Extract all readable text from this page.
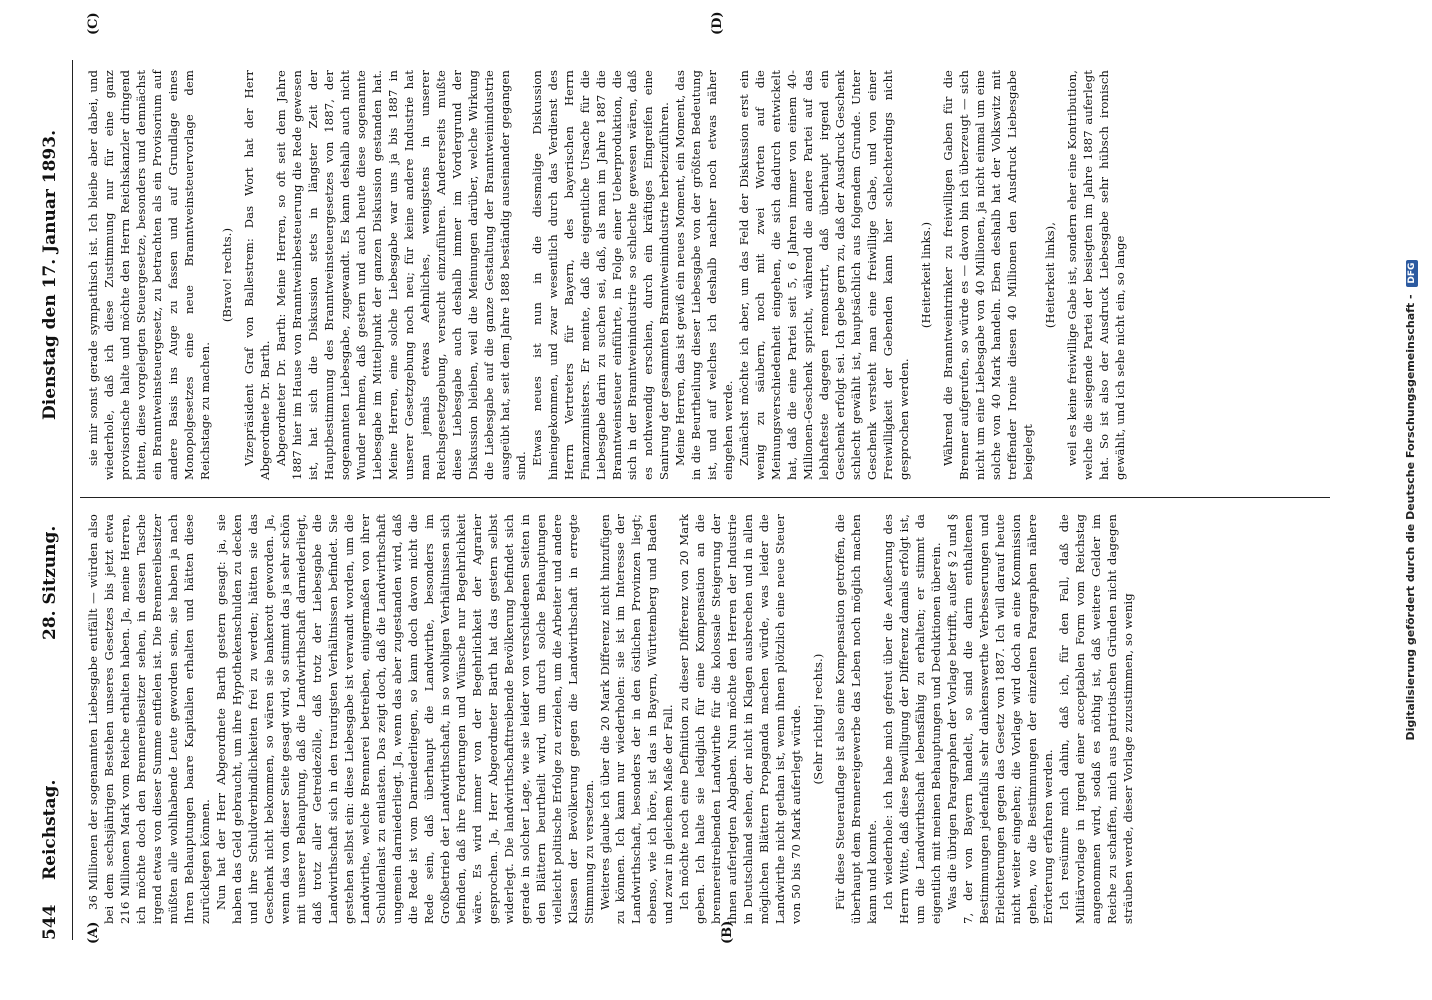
544
Reichstag.
28. Sitzung.
Dienstag den 17. Januar 1893.
(A)	(B)
(C)	(D)

36 Millionen der sogenannten Liebesgabe entfällt — würden also bei dem sechsjährigen Bestehen unseres Gesetzes bis jetzt etwa 216 Millionen Mark vom Reiche erhalten haben. Ja, meine Herren, ich möchte doch den Brennereibesitzer sehen, in dessen Tasche irgend etwas von dieser Summe entfielen ist. Die Brennereibesitzer müßten alle wohlhabende Leute geworden sein, sie haben ja nach Ihren Behauptungen baare Kapitalien erhalten und hätten diese zurücklegen können. Nun hat der Herr Abgeordnete Barth gestern gesagt: ja, sie haben das Geld gebraucht, um ihre Hypothekenschulden zu decken und ihre Schuldverbindlichkeiten frei zu werden; hätten sie das Geschenk nicht bekommen, so wären sie bankerott geworden. Ja, wenn das von dieser Seite gesagt wird, so stimmt das ja sehr schön mit unserer Behauptung, daß die Landwirthschaft darniederliegt, daß trotz aller Getreidezölle, daß trotz der Liebesgabe die Landwirthschaft sich in den traurigsten Verhältnissen befindet. Sie gestehen selbst ein: diese Liebesgabe ist verwandt worden, um die Landwirthe, welche Brennerei betreiben, einigermaßen von ihrer Schuldenlast zu entlasten. Das zeigt doch, daß die Landwirthschaft ungemein darniederliegt. Ja, wenn das aber zugestanden wird, daß die Rede ist vom Darniederliegen, so kann doch davon nicht die Rede sein, daß überhaupt die Landwirthe, besonders im Großbetrieb der Landwirthschaft, in so wohligen Verhältnissen sich befinden, daß ihre Forderungen und Wünsche nur Begehrlichkeit wäre. Es wird immer von der Begehrlichkeit der Agrarier gesprochen. Ja, Herr Abgeordneter Barth hat das gestern selbst widerlegt. Die landwirthschafttreibende Bevölkerung befindet sich gerade in solcher Lage, wie sie leider von verschiedenen Seiten in den Blättern beurtheilt wird, um durch solche Behauptungen vielleicht politische Erfolge zu erzielen, um die Arbeiter und andere Klassen der Bevölkerung gegen die Landwirthschaft in erregte Stimmung zu versetzen. Weiteres glaube ich über die 20 Mark Differenz nicht hinzufügen zu können. Ich kann nur wiederholen: sie ist im Interesse der Landwirthschaft, besonders der in den östlichen Provinzen liegt; ebenso, wie ich höre, ist das in Bayern, Württemberg und Baden und zwar in gleichem Maße der Fall. Ich möchte noch eine Definition zu dieser Differenz von 20 Mark geben. Ich halte sie lediglich für eine Kompensation an die brennereitreibenden Landwirthe für die kolossale Steigerung der ihnen auferlegten Abgaben. Nun möchte den Herren der Industrie in Deutschland sehen, der nicht in Klagen ausbrechen und in allen möglichen Blättern Propaganda machen würde, was leider die Landwirthe nicht gethan ist, wenn ihnen plötzlich eine neue Steuer von 50 bis 70 Mark auferlegt würde. (Sehr richtig! rechts.) Für diese Steuerauflage ist also eine Kompensation getroffen, die überhaupt dem Brennereigewerbe das Leben noch möglich machen kann und konnte. Ich wiederhole: ich habe mich gefreut über die Aeußerung des Herrn Witte, daß diese Bewilligung der Differenz damals erfolgt ist, um die Landwirthschaft lebensfähig zu erhalten; er stimmt da eigentlich mit meinen Behauptungen und Deduktionen überein. Was die übrigen Paragraphen der Vorlage betrifft, außer § 2 und § 7, der von Bayern handelt, so sind die darin enthaltenen Bestimmungen jedenfalls sehr dankenswerthe Verbesserungen und Erleichterungen gegen das Gesetz von 1887. Ich will darauf heute nicht weiter eingehen; die Vorlage wird doch an eine Kommission gehen, wo die Bestimmungen der einzelnen Paragraphen nähere Erörterung erfahren werden. Ich resümire mich dahin, daß ich, für den Fall, daß die Militärvorlage in irgend einer acceptablen Form vom Reichstag angenommen wird, sodaß es nöthig ist, daß weitere Gelder im Reiche zu schaffen, mich aus patriotischen Gründen nicht dagegen sträuben werde, dieser Vorlage zuzustimmen, so wenig

sie mir sonst gerade sympathisch ist. Ich bleibe aber dabei, und wiederhole, daß ich diese Zustimmung nur für eine ganz provisorische halte und möchte den Herrn Reichskanzler dringend bitten, diese vorgelegten Steuergesetze, besonders und demnächst ein Branntweinsteuergesetz, zu betrachten als ein Provisorium auf andere Basis ins Auge zu fassen und auf Grundlage eines Monopolgesetzes eine neue Branntweinsteuervorlage dem Reichstage zu machen.

(Bravo! rechts.) Vizepräsident Graf von Ballestrem: Das Wort hat der Herr Abgeordnete Dr. Barth. Abgeordneter Dr. Barth: Meine Herren, so oft seit dem Jahre 1887 hier im Hause von Branntweinbesteuerung die Rede gewesen ist, hat sich die Diskussion stets in längster Zeit der Hauptbestimmung des Branntweinsteuergesetzes von 1887, der sogenannten Liebesgabe, zugewandt. Es kann deshalb auch nicht Wunder nehmen, daß gestern und auch heute diese sogenannte Liebesgabe im Mittelpunkt der ganzen Diskussion gestanden hat. Meine Herren, eine solche Liebesgabe war uns ja bis 1887 in unserer Gesetzgebung noch neu; für keine andere Industrie hat man jemals etwas Aehnliches, wenigstens in unserer Reichsgesetzgebung, versucht einzuführen. Andererseits mußte diese Liebesgabe auch deshalb immer im Vordergrund der Diskussion bleiben, weil die Meinungen darüber, welche Wirkung die Liebesgabe auf die ganze Gestaltung der Branntweinindustrie ausgeübt hat, seit dem Jahre 1888 beständig auseinander gegangen sind. Etwas neues ist nun in die diesmalige Diskussion hineingekommen, und zwar wesentlich durch das Verdienst des Herrn Vertreters für Bayern, des bayerischen Herrn Finanzministers. Er meinte, daß die eigentliche Ursache für die Liebesgabe darin zu suchen sei, daß, als man im Jahre 1887 die Branntweinsteuer einführte, in Folge einer Ueberproduktion, die sich in der Branntweinindustrie so schlechte gewesen wären, daß es nothwendig erschien, durch ein kräftiges Eingreifen eine Sanirung der gesammten Branntweinindustrie herbeizuführen. Meine Herren, das ist gewiß ein neues Moment, ein Moment, das in die Beurtheilung dieser Liebesgabe von der größten Bedeutung ist, und auf welches ich deshalb nachher noch etwas näher eingehen werde. Zunächst möchte ich aber, um das Feld der Diskussion erst ein wenig zu säubern, noch mit zwei Worten auf die Meinungsverschiedenheit eingehen, die sich dadurch entwickelt hat, daß die eine Partei seit 5, 6 Jahren immer von einem 40-Millionen-Geschenk spricht, während die andere Partei auf das lebhafteste dagegen remonstrirt, daß überhaupt irgend ein Geschenk erfolgt sei. Ich gebe gern zu, daß der Ausdruck Geschenk schlecht gewählt ist, hauptsächlich aus folgendem Grunde. Unter Geschenk versteht man eine freiwillige Gabe, und von einer Freiwilligkeit der Gebenden kann hier schlechterdings nicht gesprochen werden.

(Heiterkeit links.) Während die Branntweintrinker zu freiwilligen Gaben für die Brenner aufgerufen, so würde es — davon bin ich überzeugt — sich nicht um eine Liebesgabe von 40 Millionen, ja nicht einmal um eine solche von 40 Mark handeln. Eben deshalb hat der Volkswitz mit treffender Ironie diesen 40 Millionen den Ausdruck Liebesgabe beigelegt

(Heiterkeit links), weil es keine freiwillige Gabe ist, sondern eher eine Kontribution, welche die siegende Partei der besiegten im Jahre 1887 auferlegt hat. So ist also der Ausdruck Liebesgabe sehr hübsch ironisch gewählt, und ich sehe nicht ein, so lange	Digitalisierung gefördert durch die Deutsche Forschungsgemeinschaft - DFG
